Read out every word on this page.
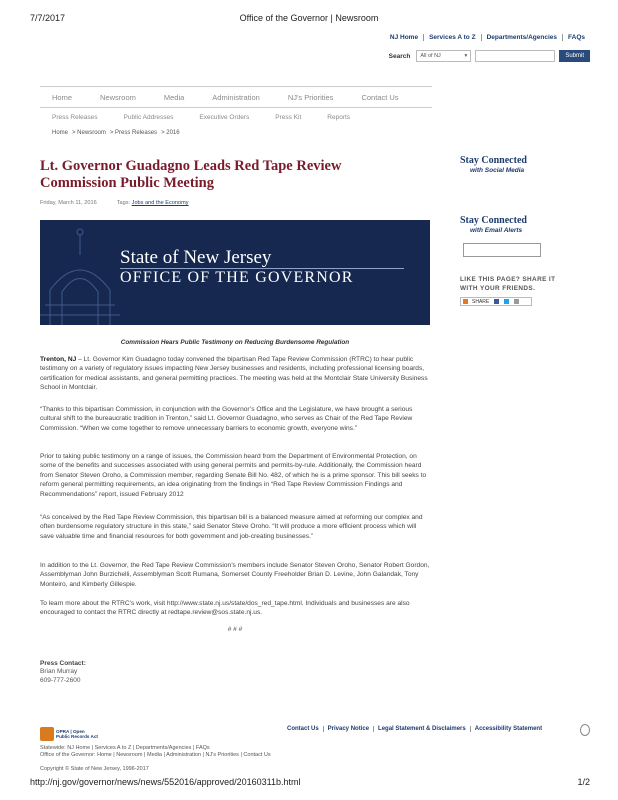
7/7/2017	Office of the Governor | Newsroom
NJ Home	Services A to Z	Departments/Agencies	FAQs
Search All of NJ	▾	Submit
Home	Newsroom	Media	Administration	NJ's Priorities	Contact Us
Press Releases	Public Addresses	Executive Orders	Press Kit	Reports
Home > Newsroom > Press Releases > 2016
Lt. Governor Guadagno Leads Red Tape Review Commission Public Meeting
Friday, March 11, 2016	Tags: Jobs and the Economy
State of New Jersey
OFFICE OF THE GOVERNOR
Commission Hears Public Testimony on Reducing Burdensome Regulation

Trenton, NJ – Lt. Governor Kim Guadagno today convened the bipartisan Red Tape Review Commission (RTRC) to hear public testimony on a variety of regulatory issues impacting New Jersey businesses and residents, including professional licensing boards, certification for medical assistants, and general permitting practices. The meeting was held at the Montclair State University Business School in Montclair.

“Thanks to this bipartisan Commission, in conjunction with the Governor’s Office and the Legislature, we have brought a serious cultural shift to the bureaucratic tradition in Trenton,” said Lt. Governor Guadagno, who serves as Chair of the Red Tape Review Commission. “When we come together to remove unnecessary barriers to economic growth, everyone wins.”

Prior to taking public testimony on a range of issues, the Commission heard from the Department of Environmental Protection, on some of the benefits and successes associated with using general permits and permits-by-rule. Additionally, the Commission heard from Senator Steven Oroho, a Commission member, regarding Senate Bill No. 482, of which he is a prime sponsor. This bill seeks to reform general permitting requirements, an idea originating from the findings in “Red Tape Review Commission Findings and Recommendations” report, issued February 2012

“As conceived by the Red Tape Review Commission, this bipartisan bill is a balanced measure aimed at reforming our complex and often burdensome regulatory structure in this state,” said Senator Steve Oroho. “It will produce a more efficient process which will save valuable time and financial resources for both government and job-creating businesses.”

In addition to the Lt. Governor, the Red Tape Review Commission’s members include Senator Steven Oroho, Senator Robert Gordon, Assemblyman John Burzichelli, Assemblyman Scott Rumana, Somerset County Freeholder Brian D. Levine, John Galandak, Tony Monteiro, and Kimberly Gillespie.

To learn more about the RTRC’s work, visit http://www.state.nj.us/state/dos_red_tape.html. Individuals and businesses are also encouraged to contact the RTRC directly at redtape.review@sos.state.nj.us.

# # #
Press Contact:
Brian Murray
609-777-2600
Stay Connected
with Social Media
Stay Connected
with Email Alerts
LIKE THIS PAGE? SHARE IT
WITH YOUR FRIENDS.
SHARE
OPRA | Open
Public Records Act
Contact Us	Privacy Notice	Legal Statement & Disclaimers	Accessibility Statement
Statewide: NJ Home | Services A to Z | Departments/Agencies | FAQs
Office of the Governor: Home | Newsroom | Media | Administration | NJ's Priorities | Contact Us
Copyright © State of New Jersey, 1996-2017
http://nj.gov/governor/news/news/552016/approved/20160311b.html	1/2
